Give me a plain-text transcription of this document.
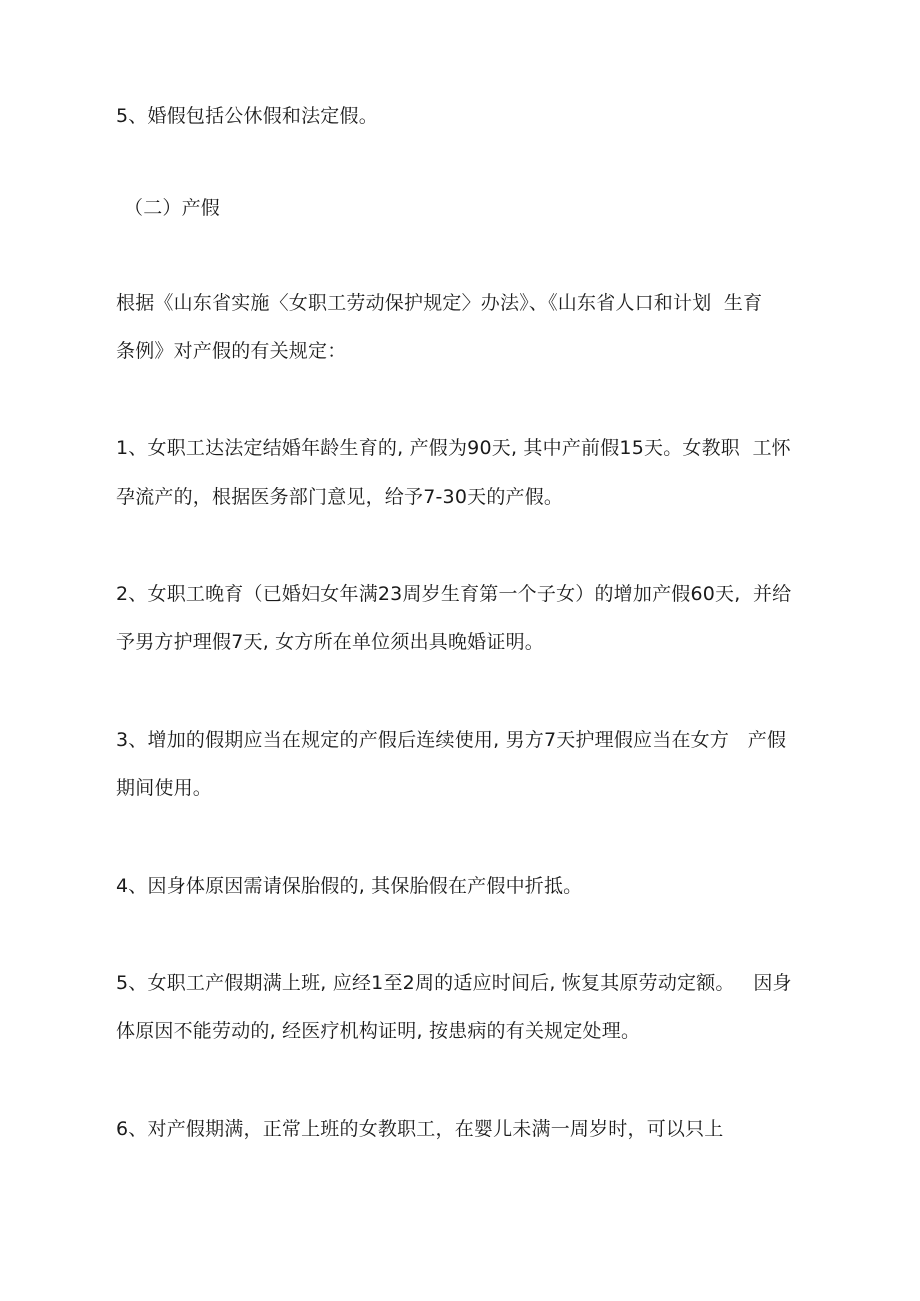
5、婚假包括公休假和法定假。
（二）产假
根据《山东省实施〈女职工劳动保护规定〉办法》、《山东省人口和计划  生育
条例》对产假的有关规定：
1、女职工达法定结婚年龄生育的, 产假为90天, 其中产前假15天。女教职  工怀
孕流产的，根据医务部门意见，给予7-30天的产假。
2、女职工晚育（已婚妇女年满23周岁生育第一个子女）的增加产假60天,  并给
予男方护理假7天, 女方所在单位须出具晚婚证明。
3、增加的假期应当在规定的产假后连续使用, 男方7天护理假应当在女方   产假
期间使用。
4、因身体原因需请保胎假的, 其保胎假在产假中折抵。
5、女职工产假期满上班, 应经1至2周的适应时间后, 恢复其原劳动定额。   因身
体原因不能劳动的, 经医疗机构证明, 按患病的有关规定处理。
6、对产假期满，正常上班的女教职工，在婴儿未满一周岁时，可以只上
